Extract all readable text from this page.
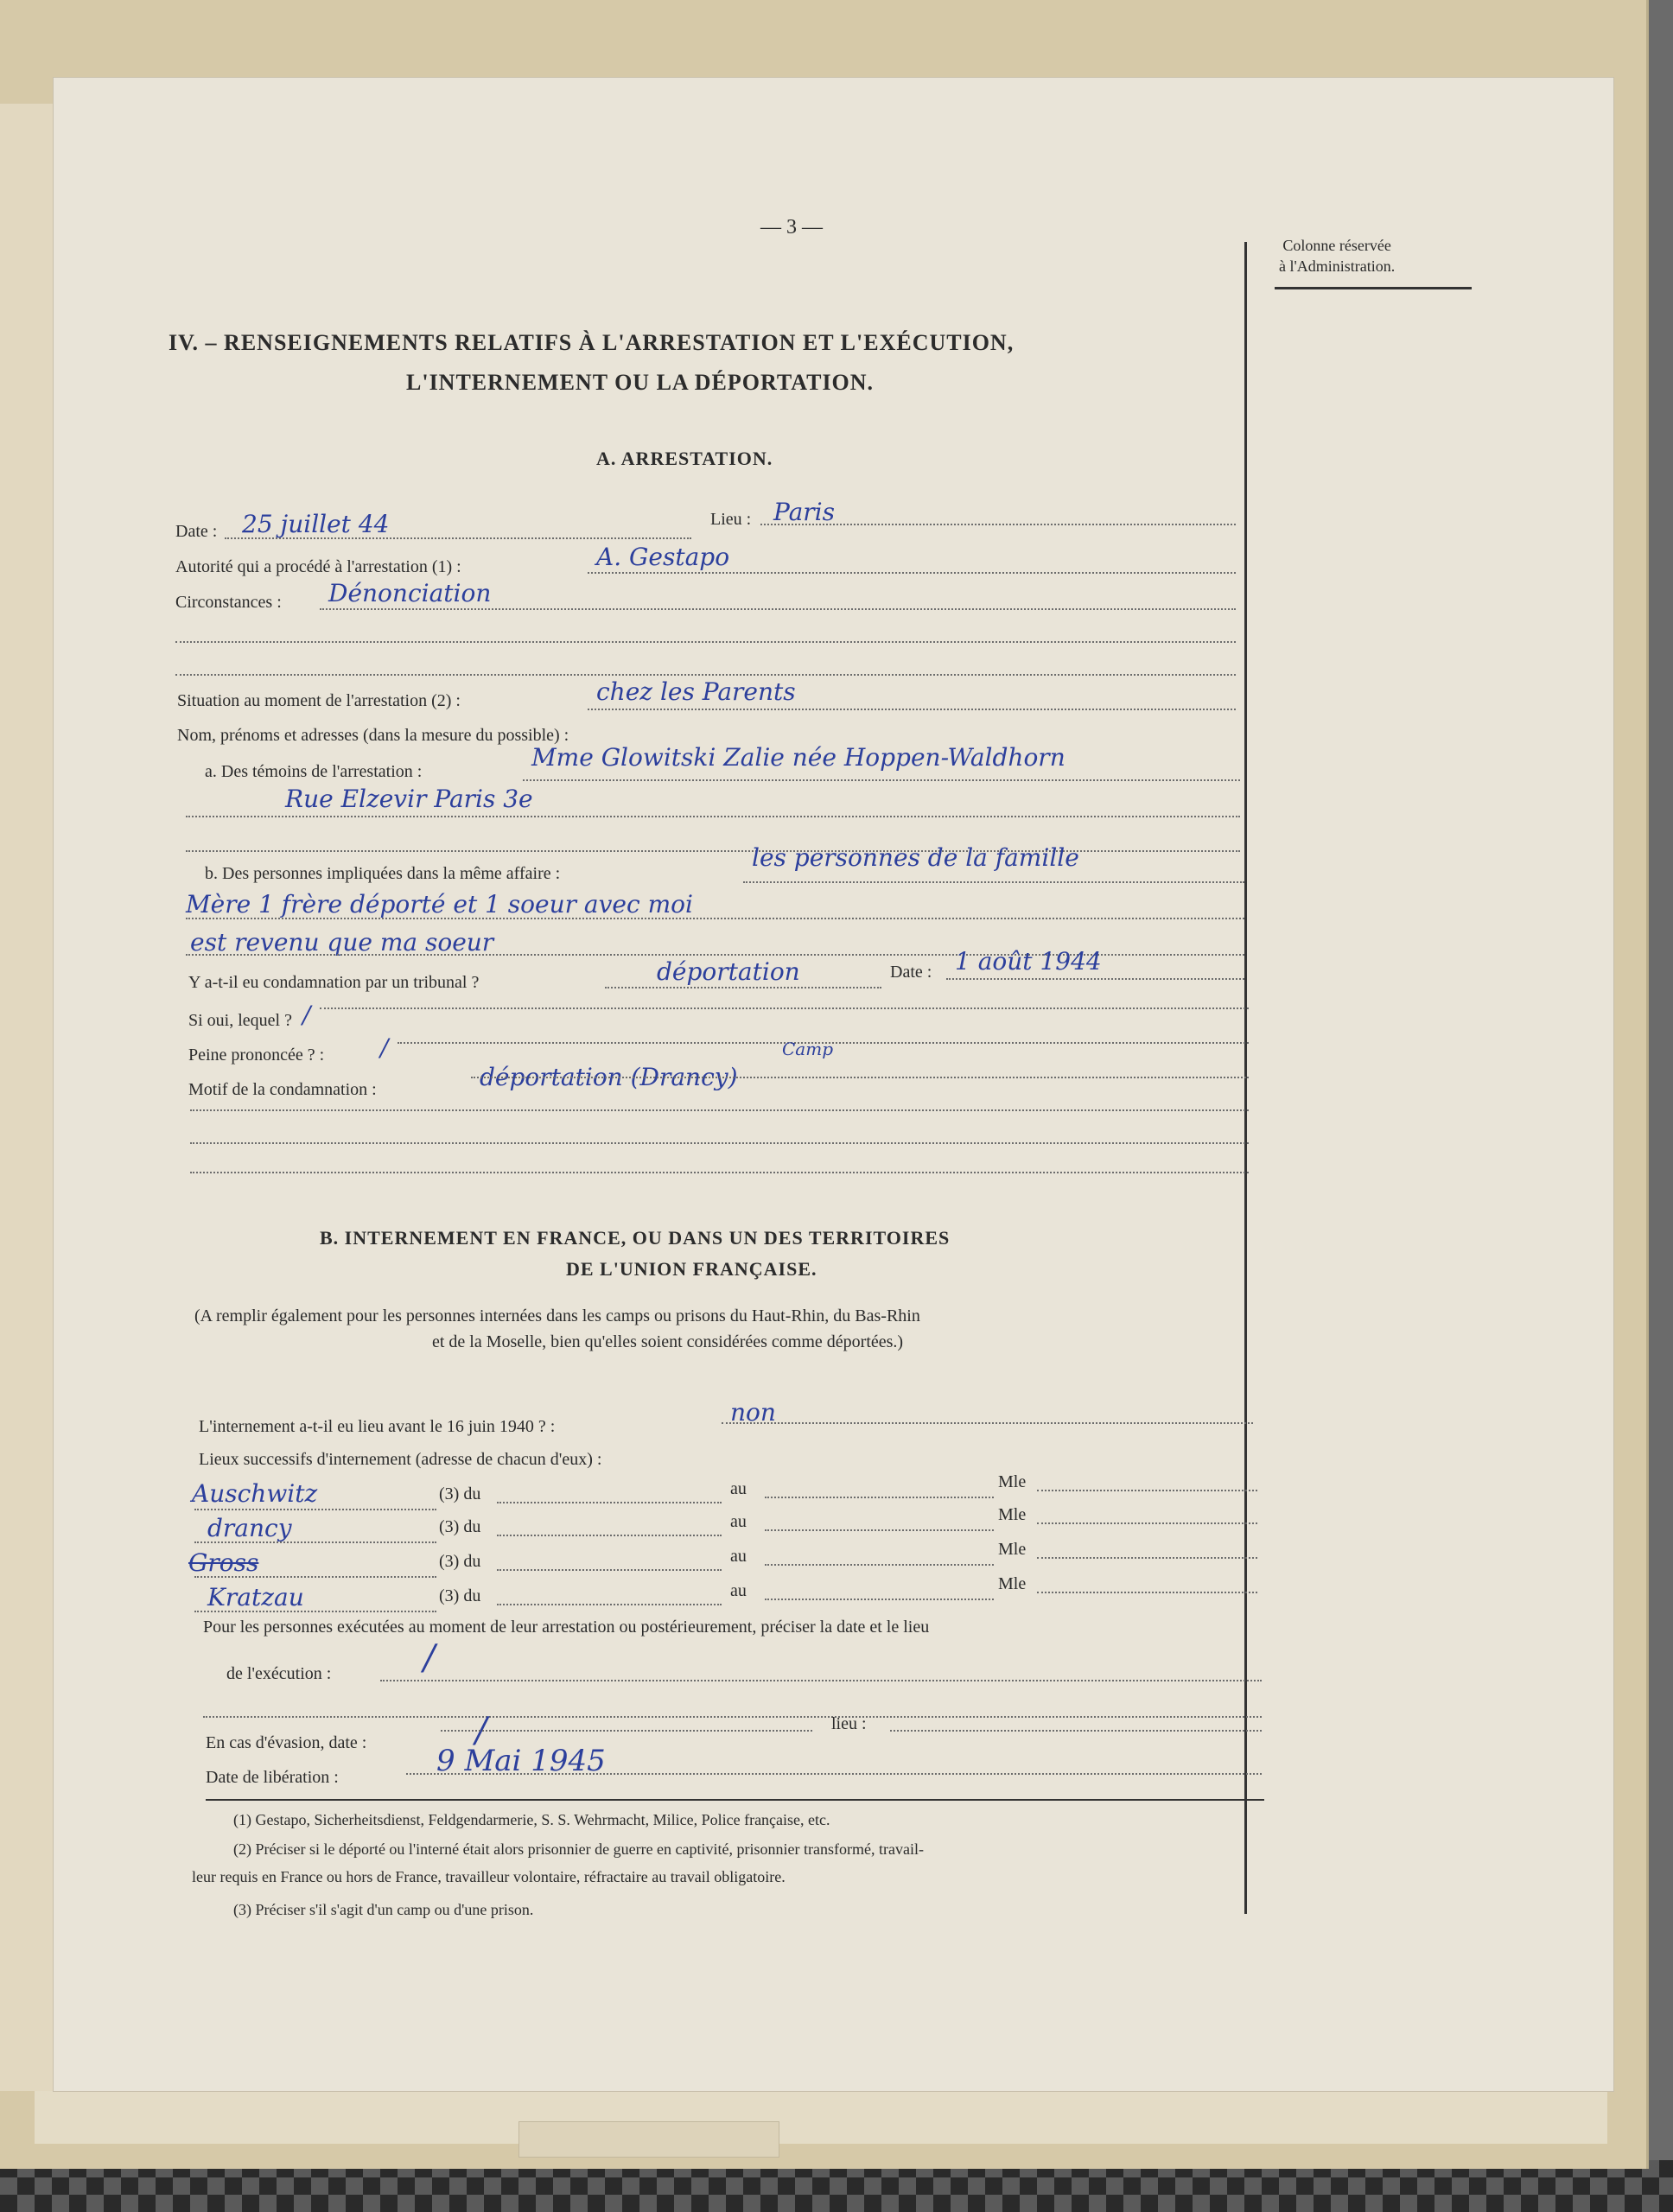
— 3 —
Colonne réservée
à l'Administration.
IV. – RENSEIGNEMENTS RELATIFS À L'ARRESTATION ET L'EXÉCUTION,
L'INTERNEMENT OU LA DÉPORTATION.
A. ARRESTATION.
Date : 25 juillet 44	Lieu : Paris
Autorité qui a procédé à l'arrestation (1) :	A. Gestapo
Circonstances : Dénonciation
Situation au moment de l'arrestation (2) :	chez les Parents
Nom, prénoms et adresses (dans la mesure du possible) :
a. Des témoins de l'arrestation :	Mme Glowitski Zalie née Hoppen-Waldhorn
Rue Elzevir Paris 3e
b. Des personnes impliquées dans la même affaire :
les personnes de la famille
Mère 1 frère déporté et 1 soeur avec moi
est revenu que ma soeur
Y a-t-il eu condamnation par un tribunal ?	déportation	Date : 1 août 1944
Si oui, lequel ? /
Peine prononcée ? : /
Motif de la condamnation :	déportation (Drancy)
Camp
B. INTERNEMENT EN FRANCE, OU DANS UN DES TERRITOIRES
DE L'UNION FRANÇAISE.
(A remplir également pour les personnes internées dans les camps ou prisons du Haut-Rhin, du Bas-Rhin
et de la Moselle, bien qu'elles soient considérées comme déportées.)
L'internement a-t-il eu lieu avant le 16 juin 1940 ? :	non
Lieux successifs d'internement (adresse de chacun d'eux) :
Auschwitz	(3) du	au	Mle
drancy	(3) du	au	Mle
Gross	(3) du	au	Mle
Kratzau	(3) du	au	Mle
Pour les personnes exécutées au moment de leur arrestation ou postérieurement, préciser la date et le lieu
de l'exécution :	/
En cas d'évasion, date :	/	lieu :
Date de libération :	9 Mai 1945
(1) Gestapo, Sicherheitsdienst, Feldgendarmerie, S. S. Wehrmacht, Milice, Police française, etc.
(2) Préciser si le déporté ou l'interné était alors prisonnier de guerre en captivité, prisonnier transformé, travail-
leur requis en France ou hors de France, travailleur volontaire, réfractaire au travail obligatoire.
(3) Préciser s'il s'agit d'un camp ou d'une prison.
